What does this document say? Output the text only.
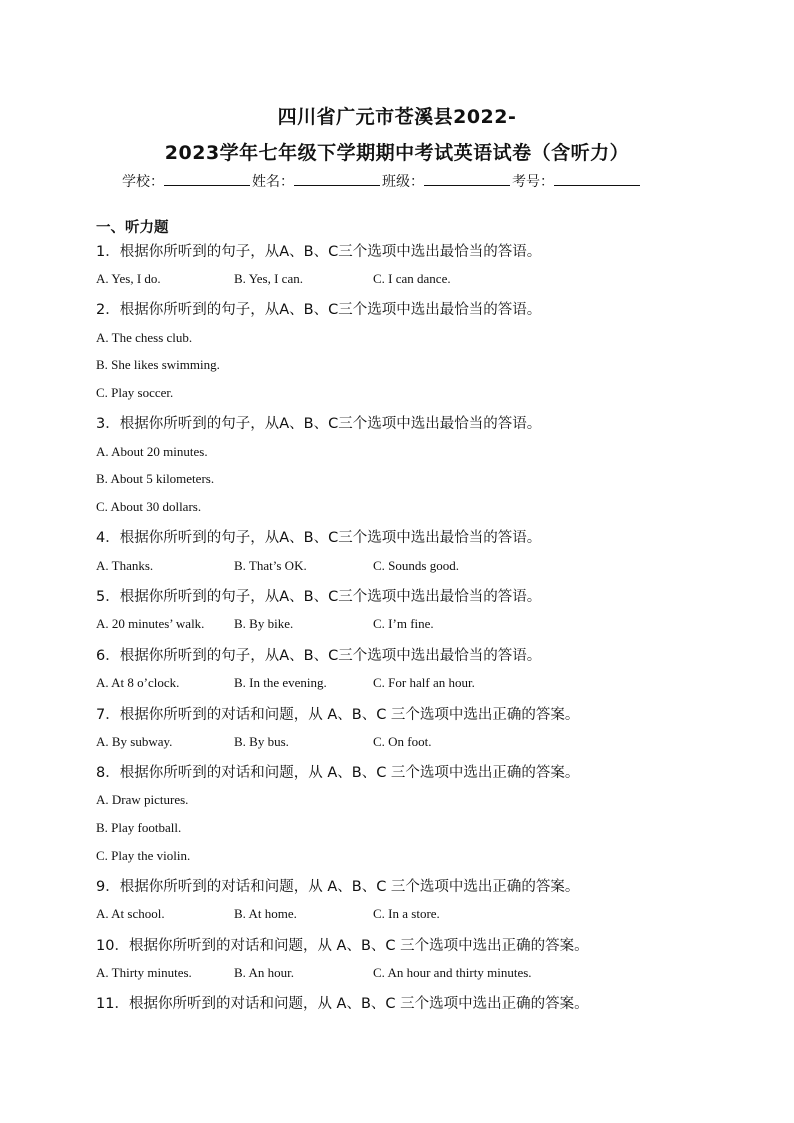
四川省广元市苍溪县2022-
2023学年七年级下学期期中考试英语试卷（含听力）
学校：	姓名：	班级：	考号：
一、听力题
1．根据你所听到的句子，从A、B、C三个选项中选出最恰当的答语。
A. Yes, I do.	B. Yes, I can.	C. I can dance.
2．根据你所听到的句子，从A、B、C三个选项中选出最恰当的答语。
A. The chess club.
B. She likes swimming.
C. Play soccer.
3．根据你所听到的句子，从A、B、C三个选项中选出最恰当的答语。
A. About 20 minutes.
B. About 5 kilometers.
C. About 30 dollars.
4．根据你所听到的句子，从A、B、C三个选项中选出最恰当的答语。
A. Thanks.	B. That’s OK.	C. Sounds good.
5．根据你所听到的句子，从A、B、C三个选项中选出最恰当的答语。
A. 20 minutes’ walk. B. By bike.	C. I’m fine.
6．根据你所听到的句子，从A、B、C三个选项中选出最恰当的答语。
A. At 8 o’clock.	B. In the evening.	C. For half an hour.
7．根据你所听到的对话和问题，从 A、B、C 三个选项中选出正确的答案。
A. By subway.	B. By bus.	C. On foot.
8．根据你所听到的对话和问题，从 A、B、C 三个选项中选出正确的答案。
A. Draw pictures.
B. Play football.
C. Play the violin.
9．根据你所听到的对话和问题，从 A、B、C 三个选项中选出正确的答案。
A. At school.	B. At home.	C. In a store.
10．根据你所听到的对话和问题，从 A、B、C 三个选项中选出正确的答案。
A. Thirty minutes.	B. An hour.	C. An hour and thirty minutes.
11．根据你所听到的对话和问题，从 A、B、C 三个选项中选出正确的答案。
